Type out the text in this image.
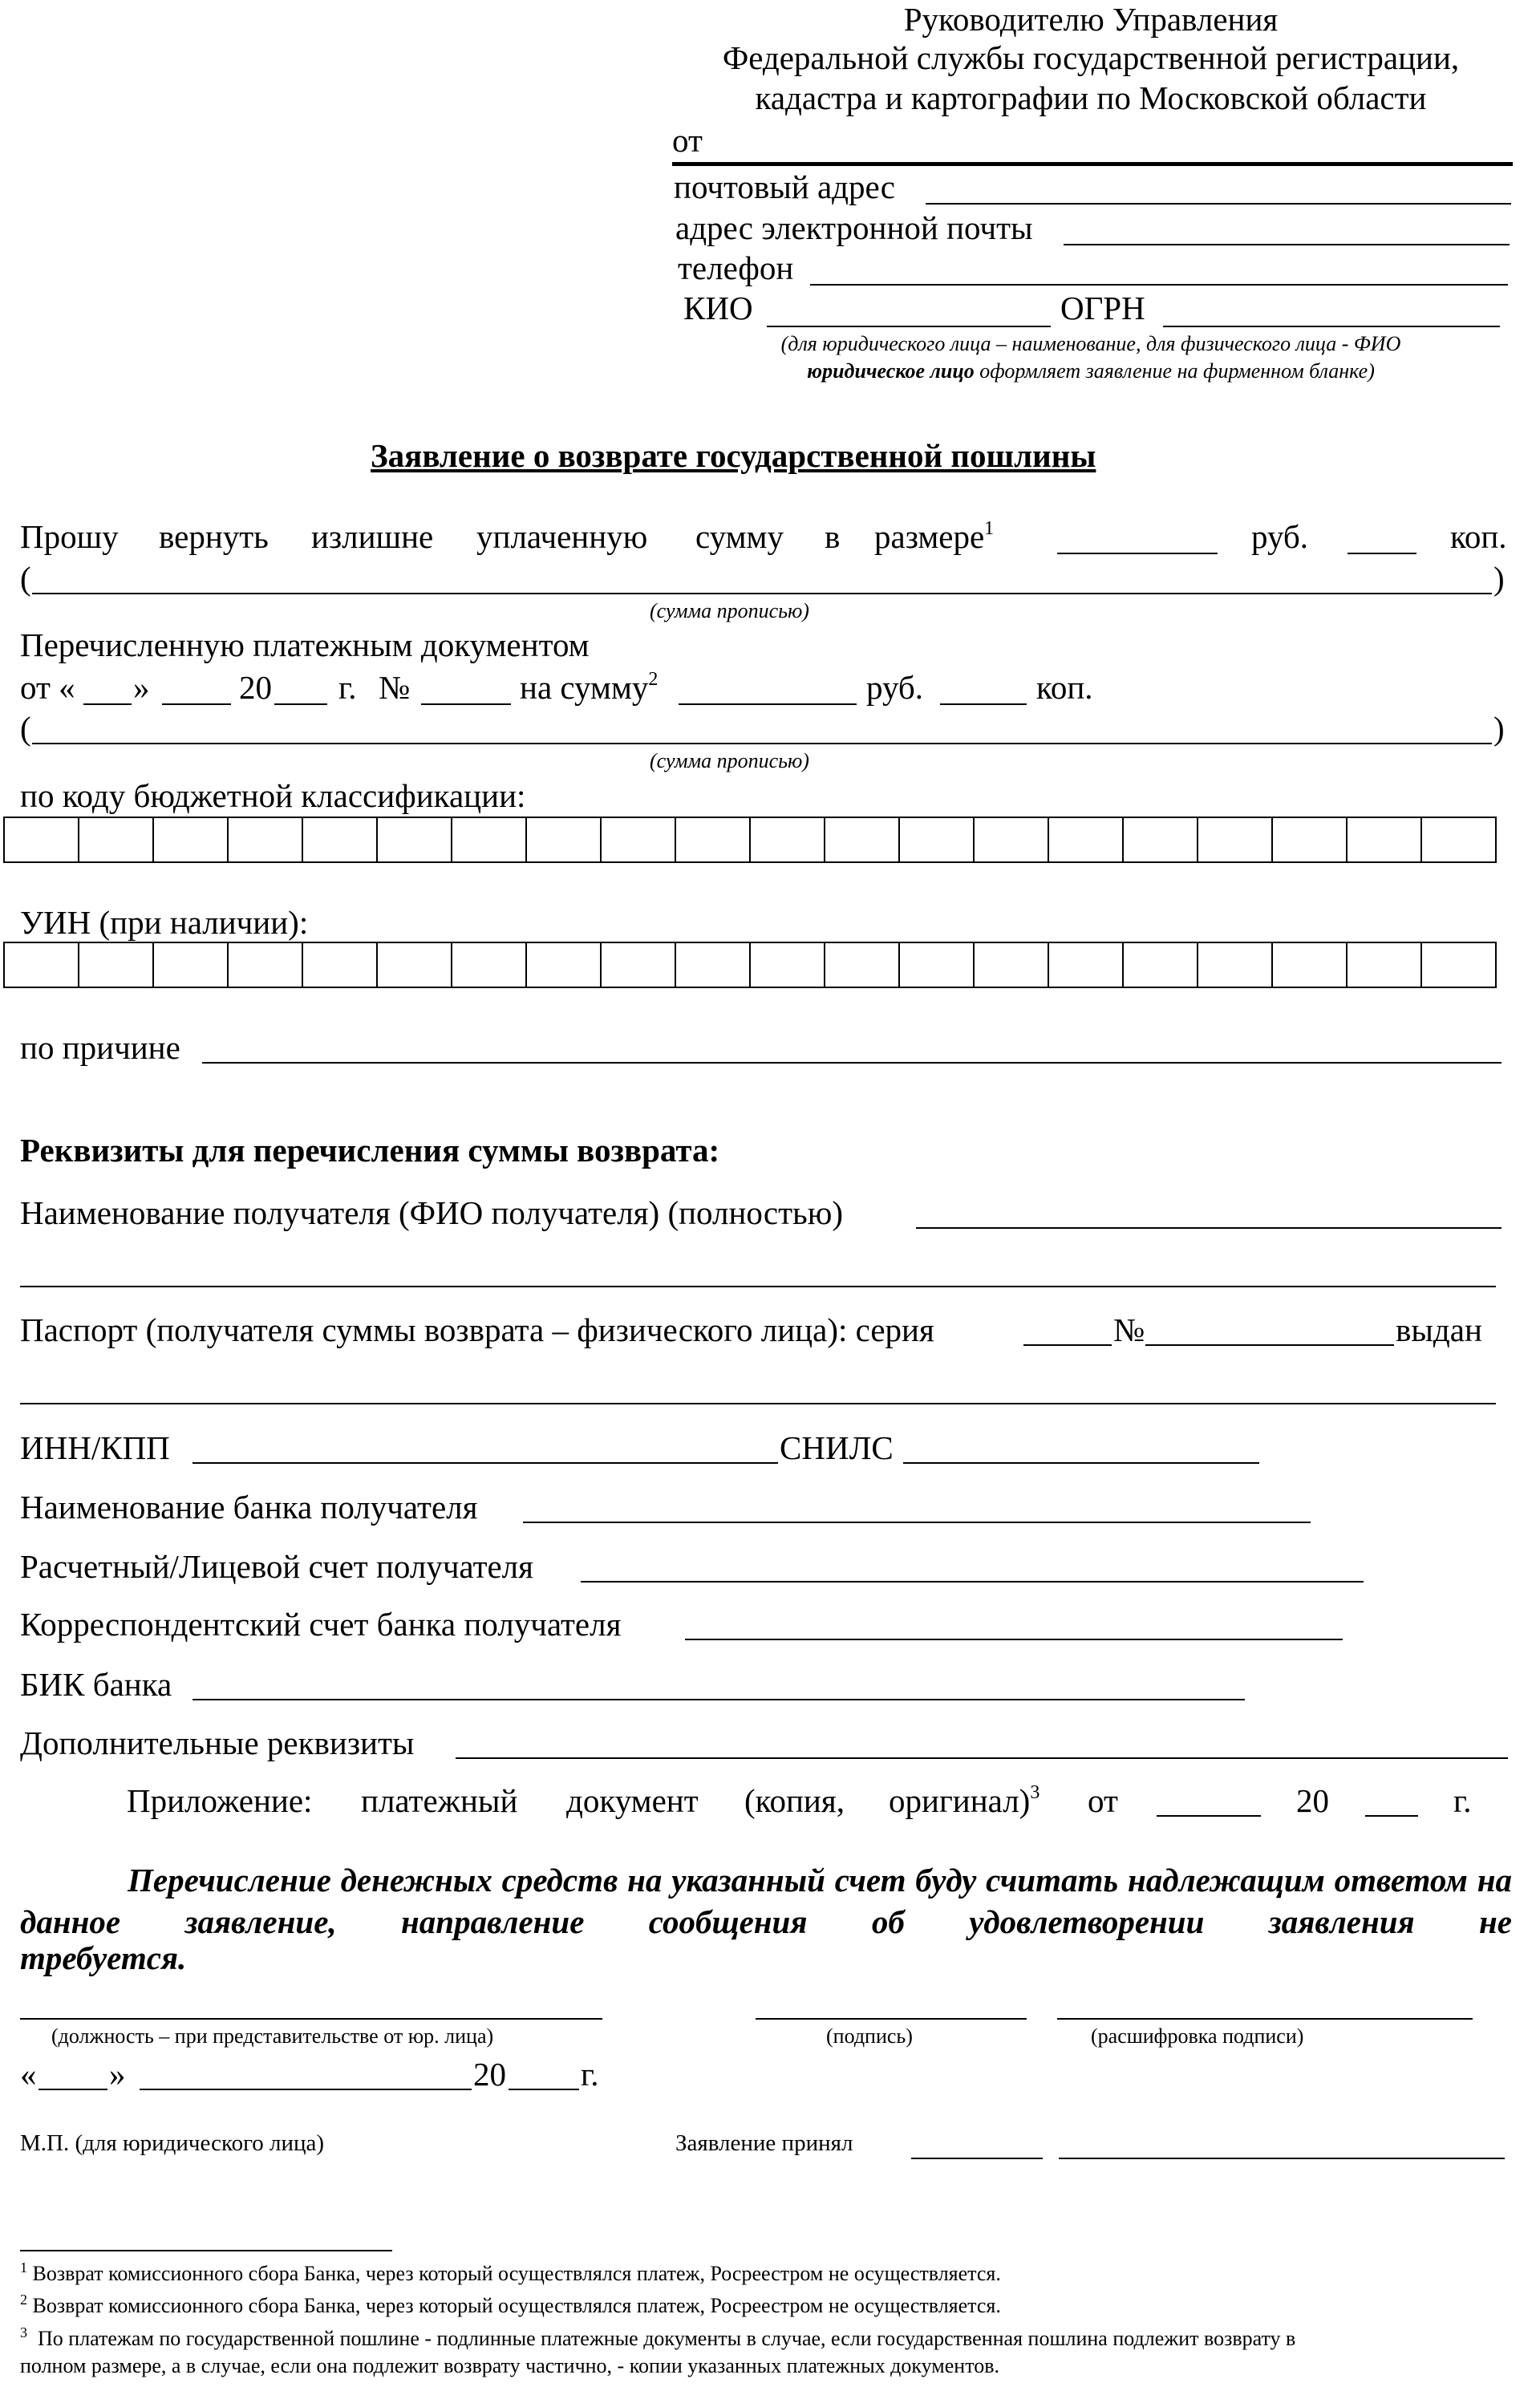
Руководителю Управления
Федеральной службы государственной регистрации,
кадастра и картографии по Московской области
от
почтовый адрес
адрес электронной почты
телефон
КИО	ОГРН
(для юридического лица – наименование, для физического лица - ФИО
юридическое лицо оформляет заявление на фирменном бланке)
Заявление о возврате государственной пошлины
Прошу вернуть излишне уплаченную сумму в размере$^1$	руб.	коп.
(	)
(сумма прописью)
Перечисленную платежным документом
от « »	20 г. №	на сумму$^2$	руб.	коп.
(	)
(сумма прописью)
по коду бюджетной классификации:
УИН (при наличии):
по причине
Реквизиты для перечисления суммы возврата:
Наименование получателя (ФИО получателя) (полностью)
Паспорт (получателя суммы возврата – физического лица): серия	№	выдан
ИНН/КПП	СНИЛС
Наименование банка получателя
Расчетный/Лицевой счет получателя
Корреспондентский счет банка получателя
БИК банка
Дополнительные реквизиты
Приложение: платежный документ (копия, оригинал)$^3$ от	20	г.
Перечисление денежных средств на указанный счет буду считать надлежащим ответом на данное заявление, направление сообщения об удовлетворении заявления не
требуется.
(должность – при представительстве от юр. лица)	(подпись)	(расшифровка подписи)
« »	20 г.
М.П. (для юридического лица)	Заявление принял
$^1$ Возврат комиссионного сбора Банка, через который осуществлялся платеж, Росреестром не осуществляется.
$^2$ Возврат комиссионного сбора Банка, через который осуществлялся платеж, Росреестром не осуществляется.
$^3$ По платежам по государственной пошлине - подлинные платежные документы в случае, если государственная пошлина подлежит возврату в
полном размере, а в случае, если она подлежит возврату частично, - копии указанных платежных документов.
